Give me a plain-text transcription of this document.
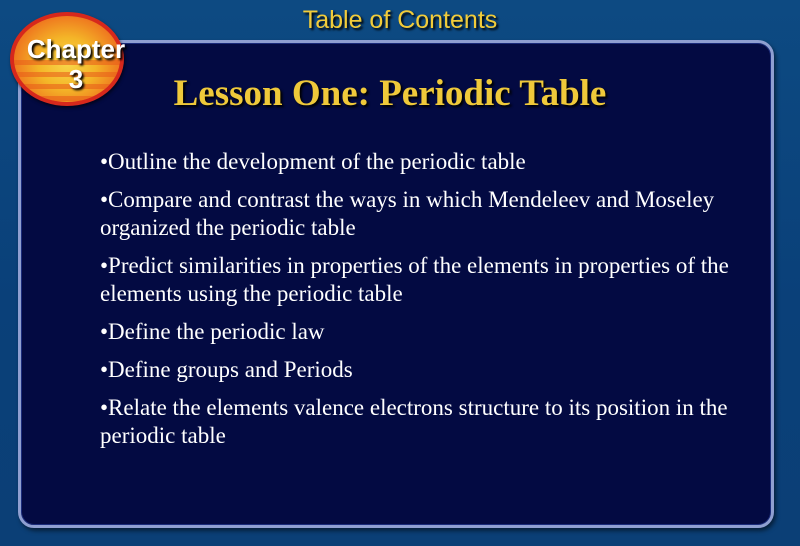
Table of Contents
Chapter
3	Lesson One: Periodic Table
•Outline the development of the periodic table
•Compare and contrast the ways in which Mendeleev and Moseley organized the periodic table
•Predict similarities in properties of the elements in properties of the elements using the periodic table
•Define the periodic law
•Define groups and Periods
•Relate the elements valence electrons structure to its position in the periodic table
